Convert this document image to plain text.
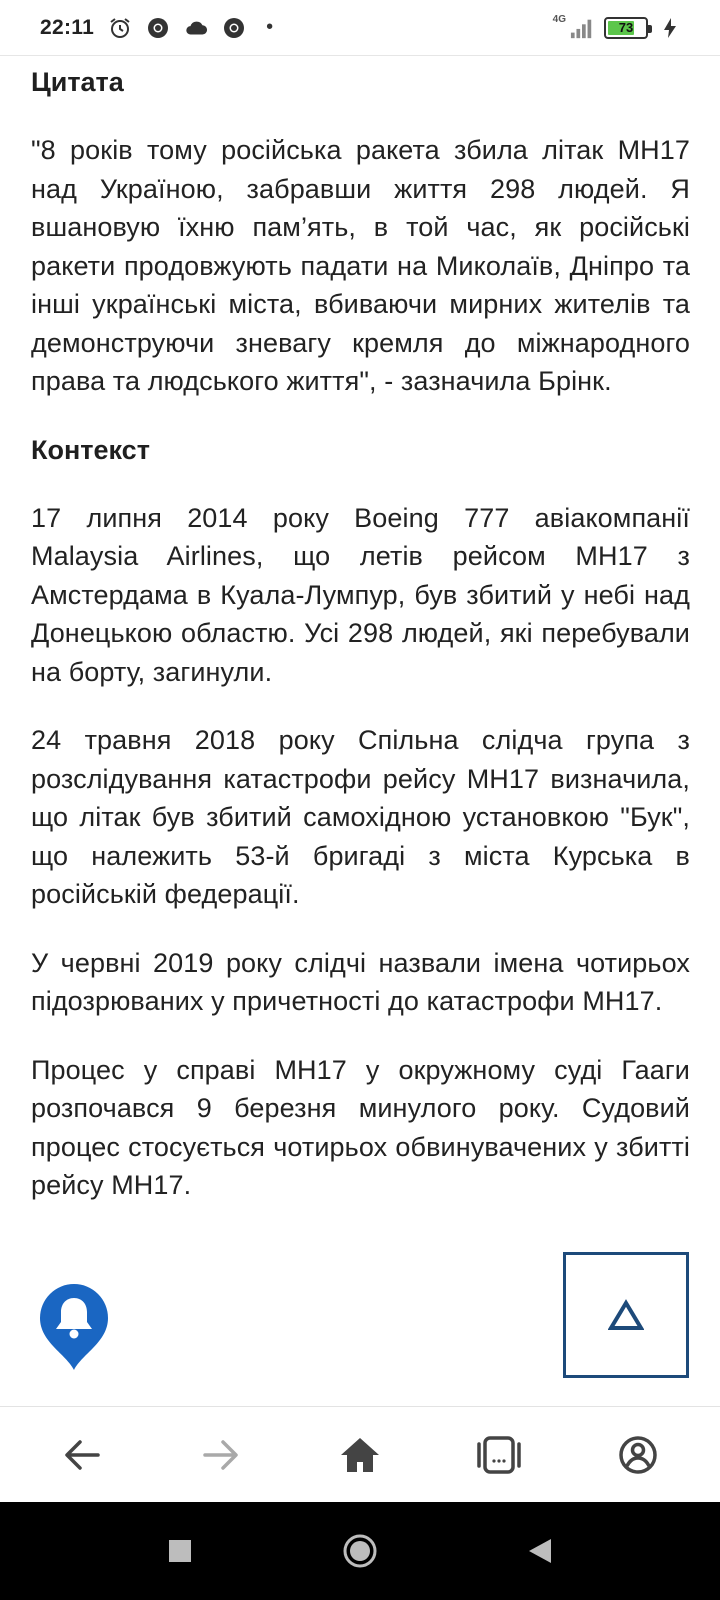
22:11	•	4G
73
Цитата

"8 років тому російська ракета збила літак MH17 над Україною, забравши життя 298 людей. Я вшановую їхню пам’ять, в той час, як російські ракети продовжують падати на Миколаїв, Дніпро та інші українські міста, вбиваючи мирних жителів та демонструючи зневагу кремля до міжнародного права та людського життя", - зазначила Брінк.

Контекст

17 липня 2014 року Boeing 777 авіакомпанії Malaysia Airlines, що летів рейсом MH17 з Амстердама в Куала-Лумпур, був збитий у небі над Донецькою областю. Усі 298 людей, які перебували на борту, загинули.

24 травня 2018 року Спільна слідча група з розслідування катастрофи рейсу MH17 визначила, що літак був збитий самохідною установкою "Бук", що належить 53-й бригаді з міста Курська в російській федерації.

У червні 2019 року слідчі назвали імена чотирьох підозрюваних у причетності до катастрофи MH17.

Процес у справі MH17 у окружному суді Гааги розпочався 9 березня минулого року. Судовий процес стосується чотирьох обвинувачених у збитті рейсу MH17.
